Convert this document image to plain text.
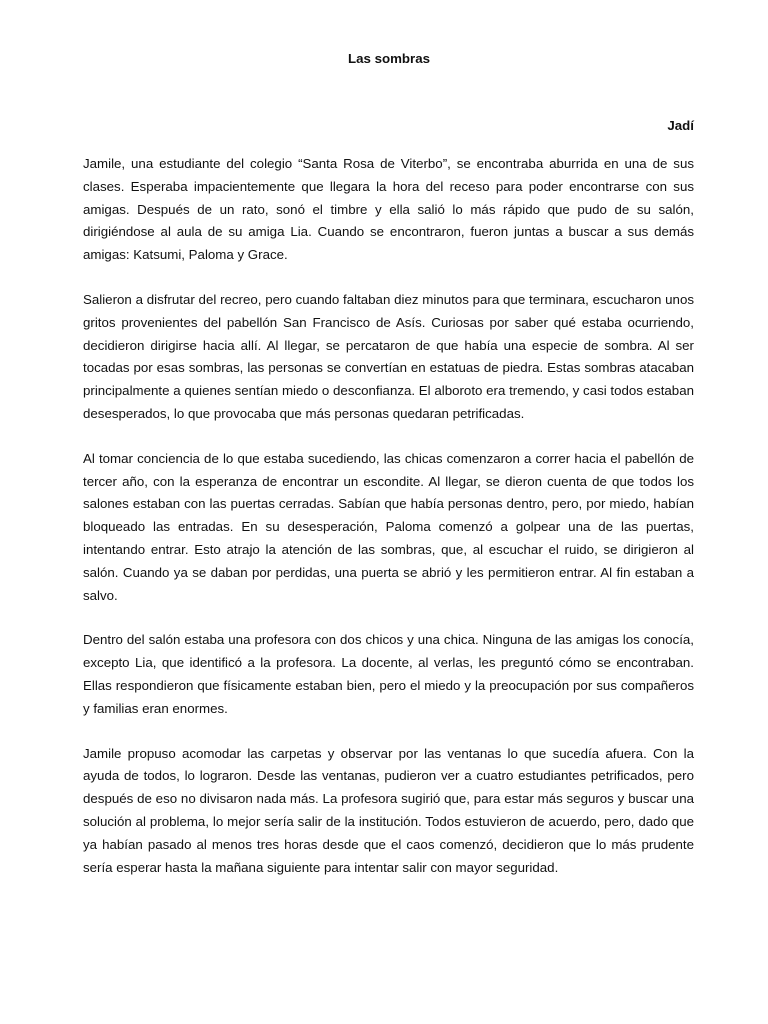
Las sombras
Jadí

Jamile, una estudiante del colegio “Santa Rosa de Viterbo”, se encontraba aburrida en una de sus clases. Esperaba impacientemente que llegara la hora del receso para poder encontrarse con sus amigas. Después de un rato, sonó el timbre y ella salió lo más rápido que pudo de su salón, dirigiéndose al aula de su amiga Lia. Cuando se encontraron, fueron juntas a buscar a sus demás amigas: Katsumi, Paloma y Grace.

Salieron a disfrutar del recreo, pero cuando faltaban diez minutos para que terminara, escucharon unos gritos provenientes del pabellón San Francisco de Asís. Curiosas por saber qué estaba ocurriendo, decidieron dirigirse hacia allí. Al llegar, se percataron de que había una especie de sombra. Al ser tocadas por esas sombras, las personas se convertían en estatuas de piedra. Estas sombras atacaban principalmente a quienes sentían miedo o desconfianza. El alboroto era tremendo, y casi todos estaban desesperados, lo que provocaba que más personas quedaran petrificadas.

Al tomar conciencia de lo que estaba sucediendo, las chicas comenzaron a correr hacia el pabellón de tercer año, con la esperanza de encontrar un escondite. Al llegar, se dieron cuenta de que todos los salones estaban con las puertas cerradas. Sabían que había personas dentro, pero, por miedo, habían bloqueado las entradas. En su desesperación, Paloma comenzó a golpear una de las puertas, intentando entrar. Esto atrajo la atención de las sombras, que, al escuchar el ruido, se dirigieron al salón. Cuando ya se daban por perdidas, una puerta se abrió y les permitieron entrar. Al fin estaban a salvo.

Dentro del salón estaba una profesora con dos chicos y una chica. Ninguna de las amigas los conocía, excepto Lia, que identificó a la profesora. La docente, al verlas, les preguntó cómo se encontraban. Ellas respondieron que físicamente estaban bien, pero el miedo y la preocupación por sus compañeros y familias eran enormes.

Jamile propuso acomodar las carpetas y observar por las ventanas lo que sucedía afuera. Con la ayuda de todos, lo lograron. Desde las ventanas, pudieron ver a cuatro estudiantes petrificados, pero después de eso no divisaron nada más. La profesora sugirió que, para estar más seguros y buscar una solución al problema, lo mejor sería salir de la institución. Todos estuvieron de acuerdo, pero, dado que ya habían pasado al menos tres horas desde que el caos comenzó, decidieron que lo más prudente sería esperar hasta la mañana siguiente para intentar salir con mayor seguridad.
